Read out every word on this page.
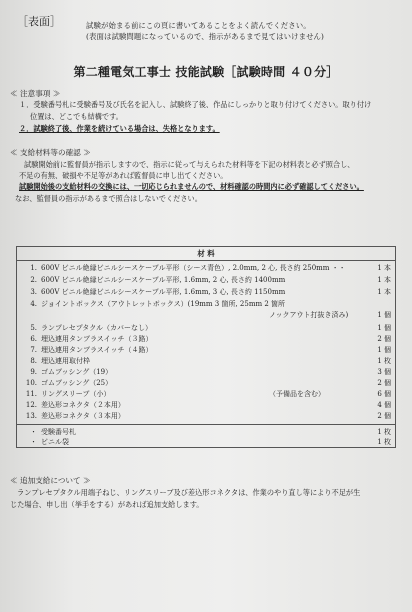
［表面］	試験が始まる前にこの頁に書いてあることをよく読んでください。
(表面は試験問題になっているので、指示があるまで見てはいけません)
第二種電気工事士 技能試験［試験時間 ４０分］
≪ 注意事項 ≫
１．受験番号札に受験番号及び氏名を記入し、試験終了後、作品にしっかりと取り付けてください。取り付け
位置は、どこでも結構です。
２．試験終了後、作業を続けている場合は、失格となります。
≪ 支給材料等の確認 ≫
試験開始前に監督員が指示しますので、指示に従って与えられた材料等を下記の材料表と必ず照合し、
不足の有無、破損や不足等があれば監督員に申し出てください。
試験開始後の支給材料の交換には、一切応じられませんので、材料確認の時間内に必ず確認してください。
なお、監督員の指示があるまで照合はしないでください。
材 料
1. 600V ビニル絶縁ビニルシースケーブル平形（シース青色）, 2.0mm, 2 心, 長さ約 250mm ・・	1 本
2. 600V ビニル絶縁ビニルシースケーブル平形, 1.6mm, 2 心, 長さ約 1400mm	1 本
3. 600V ビニル絶縁ビニルシースケーブル平形, 1.6mm, 3 心, 長さ約 1150mm	1 本
4. ジョイントボックス（アウトレットボックス）(19mm 3 箇所, 25mm 2 箇所
ノックアウト打抜き済み)	1 個
5. ランプレセプタクル（カバーなし）	1 個
6. 埋込連用タンブラスイッチ（３路）	2 個
7. 埋込連用タンブラスイッチ（４路）	1 個
8. 埋込連用取付枠	1 枚
9. ゴムブッシング（19）	3 個
10. ゴムブッシング（25）	2 個
11. リングスリーブ（小）	（予備品を含む）	6 個
12. 差込形コネクタ（２本用）	4 個
13. 差込形コネクタ（３本用）	2 個
・ 受験番号札	1 枚
・ ビニル袋	1 枚
≪ 追加支給について ≫
ランプレセプタクル用端子ねじ、リングスリーブ及び差込形コネクタは、作業のやり直し等により不足が生
じた場合、申し出（挙手をする）があれば追加支給します。
